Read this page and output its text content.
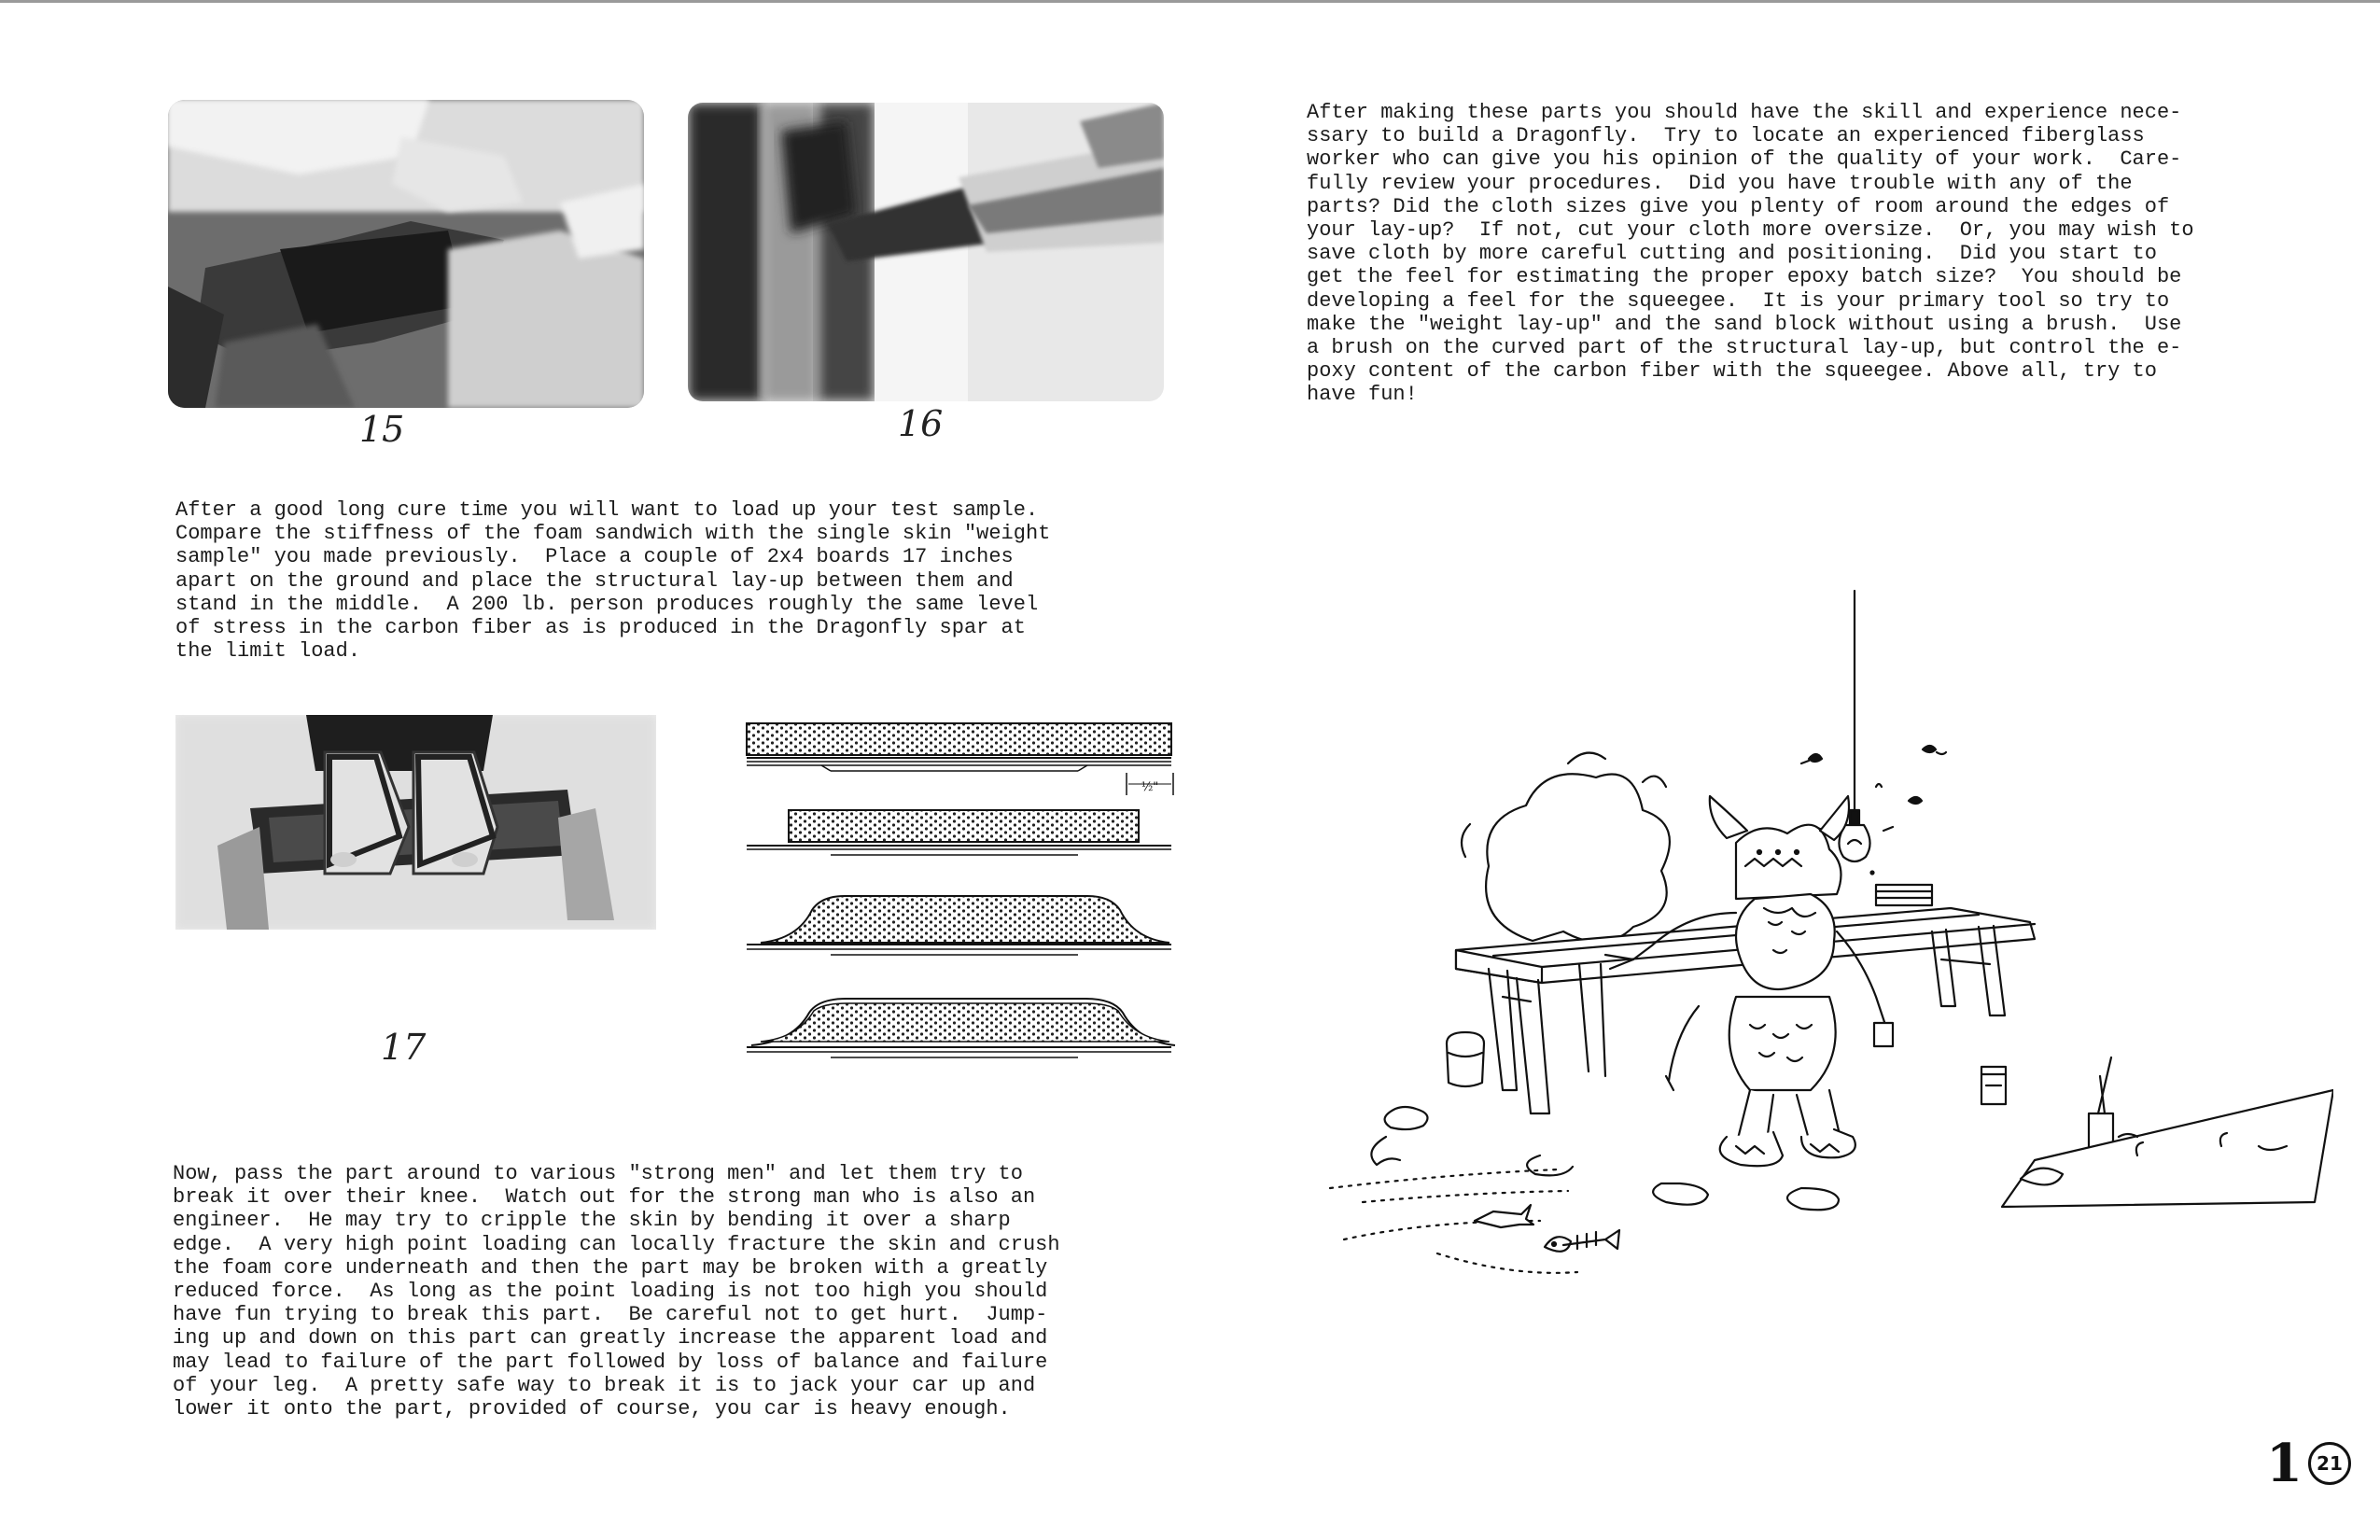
After making these parts you should have the skill and experience nece-
ssary to build a Dragonfly.  Try to locate an experienced fiberglass
worker who can give you his opinion of the quality of your work.  Care-
fully review your procedures.  Did you have trouble with any of the
parts? Did the cloth sizes give you plenty of room around the edges of
your lay-up?  If not, cut your cloth more oversize.  Or, you may wish to
save cloth by more careful cutting and positioning.  Did you start to
get the feel for estimating the proper epoxy batch size?  You should be
developing a feel for the squeegee.  It is your primary tool so try to
make the "weight lay-up" and the sand block without using a brush.  Use
a brush on the curved part of the structural lay-up, but control the e-
poxy content of the carbon fiber with the squeegee. Above all, try to
have fun!
15	16
After a good long cure time you will want to load up your test sample.
Compare the stiffness of the foam sandwich with the single skin "weight
sample" you made previously.  Place a couple of 2x4 boards 17 inches
apart on the ground and place the structural lay-up between them and
stand in the middle.  A 200 lb. person produces roughly the same level
of stress in the carbon fiber as is produced in the Dragonfly spar at
the limit load.
17
½"
Now, pass the part around to various "strong men" and let them try to
break it over their knee.  Watch out for the strong man who is also an
engineer.  He may try to cripple the skin by bending it over a sharp
edge.  A very high point loading can locally fracture the skin and crush
the foam core underneath and then the part may be broken with a greatly
reduced force.  As long as the point loading is not too high you should
have fun trying to break this part.  Be careful not to get hurt.  Jump-
ing up and down on this part can greatly increase the apparent load and
may lead to failure of the part followed by loss of balance and failure
of your leg.  A pretty safe way to break it is to jack your car up and
lower it onto the part, provided of course, you car is heavy enough.
1 21
